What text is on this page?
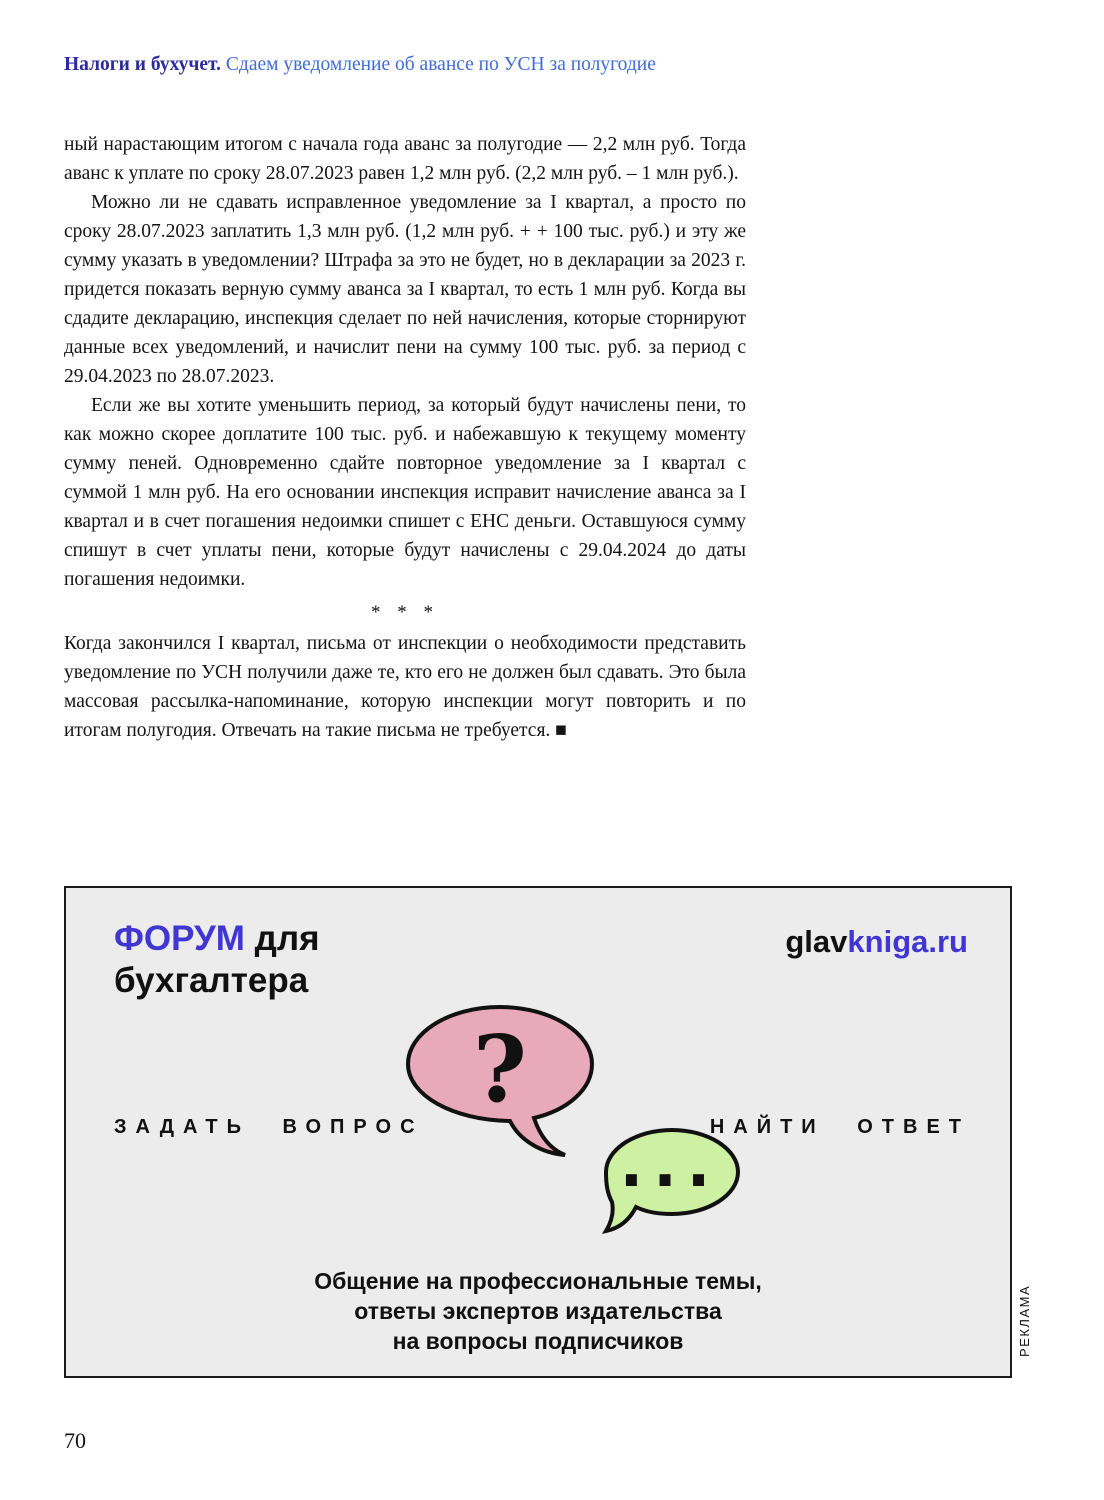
Налоги и бухучет. Сдаем уведомление об авансе по УСН за полугодие

ный нарастающим итогом с начала года аванс за полугодие — 2,2 млн руб. Тогда аванс к уплате по сроку 28.07.2023 равен 1,2 млн руб. (2,2 млн руб. – 1 млн руб.).

Можно ли не сдавать исправленное уведомление за I квартал, а просто по сроку 28.07.2023 заплатить 1,3 млн руб. (1,2 млн руб. + + 100 тыс. руб.) и эту же сумму указать в уведомлении? Штрафа за это не будет, но в декларации за 2023 г. придется показать верную сумму аванса за I квартал, то есть 1 млн руб. Когда вы сдадите декларацию, инспекция сделает по ней начисления, которые сторнируют данные всех уведомлений, и начислит пени на сумму 100 тыс. руб. за период с 29.04.2023 по 28.07.2023.

Если же вы хотите уменьшить период, за который будут начислены пени, то как можно скорее доплатите 100 тыс. руб. и набежавшую к текущему моменту сумму пеней. Одновременно сдайте повторное уведомление за I квартал с суммой 1 млн руб. На его основании инспекция исправит начисление аванса за I квартал и в счет погашения недоимки спишет с ЕНС деньги. Оставшуюся сумму спишут в счет уплаты пени, которые будут начислены с 29.04.2024 до даты погашения недоимки.

* * *

Когда закончился I квартал, письма от инспекции о необходимости представить уведомление по УСН получили даже те, кто его не должен был сдавать. Это была массовая рассылка-напоминание, которую инспекции могут повторить и по итогам полугодия. Отвечать на такие письма не требуется. ■

ФОРУМ для бухгалтера
glavkniga.ru
ЗАДАТЬ ВОПРОС	НАЙТИ ОТВЕТ
?
...
Общение на профессиональные темы,
ответы экспертов издательства
на вопросы подписчиков	РЕКЛАМА
70
